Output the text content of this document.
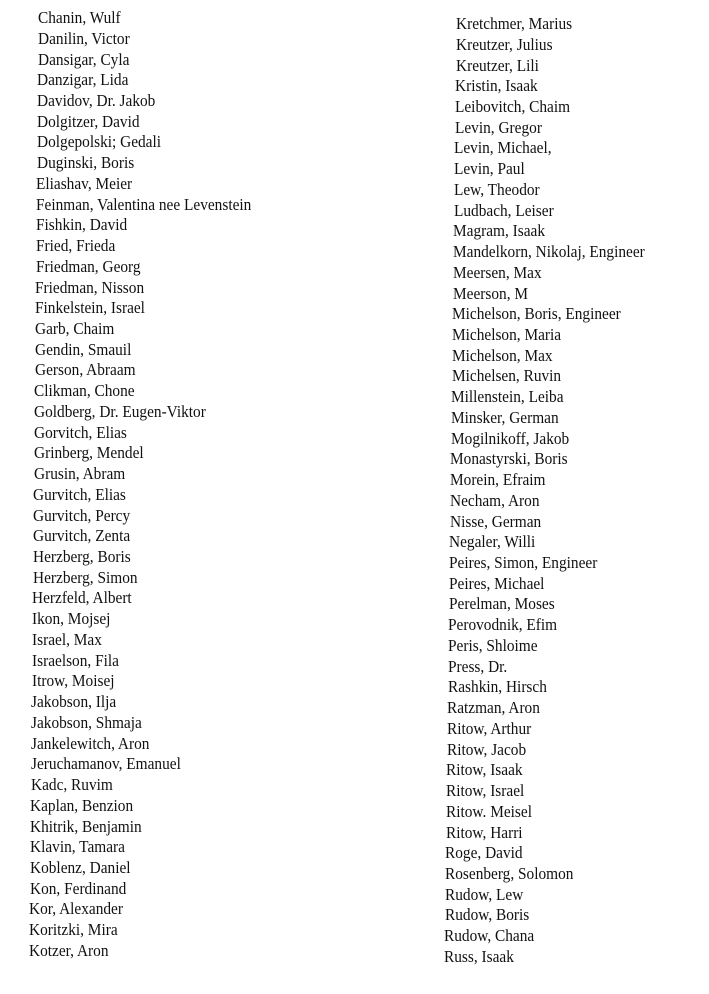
Chanin, Wulf
Danilin, Victor
Dansigar, Cyla
Danzigar, Lida
Davidov, Dr. Jakob
Dolgitzer, David
Dolgepolski; Gedali
Duginski, Boris
Eliashav, Meier
Feinman, Valentina nee Levenstein
Fishkin, David
Fried, Frieda
Friedman, Georg
Friedman, Nisson
Finkelstein, Israel
Garb, Chaim
Gendin, Smauil
Gerson, Abraam
Clikman, Chone
Goldberg, Dr. Eugen-Viktor
Gorvitch, Elias
Grinberg, Mendel
Grusin, Abram
Gurvitch, Elias
Gurvitch, Percy
Gurvitch, Zenta
Herzberg, Boris
Herzberg, Simon
Herzfeld, Albert
Ikon, Mojsej
Israel, Max
Israelson, Fila
Itrow, Moisej
Jakobson, Ilja
Jakobson, Shmaja
Jankelewitch, Aron
Jeruchamanov, Emanuel
Kadc, Ruvim
Kaplan, Benzion
Khitrik, Benjamin
Klavin, Tamara
Koblenz, Daniel
Kon, Ferdinand
Kor, Alexander
Koritzki, Mira
Kotzer, Aron
Kretchmer, Marius
Kreutzer, Julius
Kreutzer, Lili
Kristin, Isaak
Leibovitch, Chaim
Levin, Gregor
Levin, Michael,
Levin, Paul
Lew, Theodor
Ludbach, Leiser
Magram, Isaak
Mandelkorn, Nikolaj, Engineer
Meersen, Max
Meerson, M
Michelson, Boris, Engineer
Michelson, Maria
Michelson, Max
Michelsen, Ruvin
Millenstein, Leiba
Minsker, German
Mogilnikoff, Jakob
Monastyrski, Boris
Morein, Efraim
Necham, Aron
Nisse, German
Negaler, Willi
Peires, Simon, Engineer
Peires, Michael
Perelman, Moses
Perovodnik, Efim
Peris, Shloime
Press, Dr.
Rashkin, Hirsch
Ratzman, Aron
Ritow, Arthur
Ritow, Jacob
Ritow, Isaak
Ritow, Israel
Ritow. Meisel
Ritow, Harri
Roge, David
Rosenberg, Solomon
Rudow, Lew
Rudow, Boris
Rudow, Chana
Russ, Isaak
